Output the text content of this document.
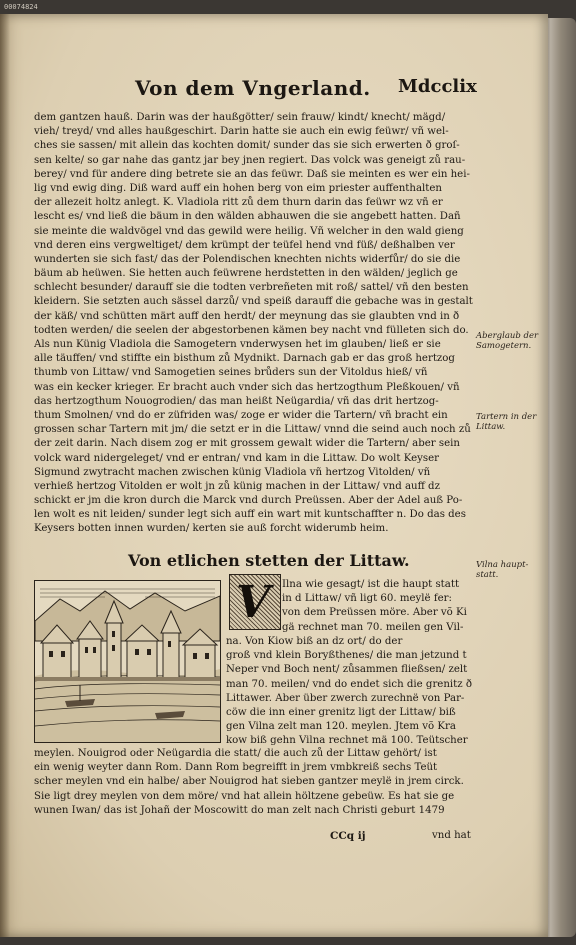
00074824
Von dem Vngerland. Mdcclix
dem gantzen hauß. Darin was der haußgötter/ sein frauw/ kindt/ knecht/ mägd/
vieh/ treyd/ vnd alles haußgeschirt. Darin hatte sie auch ein ewig feüwr/ vñ wel-
ches sie sassen/ mit allein das kochten domit/ sunder das sie sich erwerten ð groſ-
sen kelte/ so gar nahe das gantz jar bey jnen regiert. Das volck was geneigt zů rau-
berey/ vnd für andere ding betrete sie an das feüwr. Daß sie meinten es wer ein hei-
lig vnd ewig ding. Diß ward auff ein hohen berg von eim priester auffenthalten
der allezeit holtz anlegt. K. Vladiola ritt zů dem thurn darin das feüwr wz vñ er
lescht es/ vnd ließ die bäum in den wälden abhauwen die sie angebett hatten. Dañ
sie meinte die waldvögel vnd das gewild were heilig. Vñ welcher in den wald gieng
vnd deren eins vergweltiget/ dem krümpt der teüfel hend vnd füß/ deßhalben ver
wunderten sie sich fast/ das der Polendischen knechten nichts widerfůr/ do sie die
bäum ab heüwen. Sie hetten auch feüwrene herdstetten in den wälden/ jeglich ge
schlecht besunder/ darauff sie die todten verbreñeten mit roß/ sattel/ vñ den besten
kleidern. Sie setzten auch sässel darzů/ vnd speiß darauff die gebache was in gestalt
der käß/ vnd schütten märt auff den herdt/ der meynung das sie glaubten vnd in ð
todten werden/ die seelen der abgestorbenen kämen bey nacht vnd fülleten sich do.
Als nun Künig Vladiola die Samogetern vnderwysen het im glauben/ ließ er sie
alle täuffen/ vnd stiffte ein bisthum zů Mydnikt. Darnach gab er das groß hertzog
thumb von Littaw/ vnd Samogetien seines brůders sun der Vitoldus hieß/ vñ
was ein kecker krieger. Er bracht auch vnder sich das hertzogthum Pleßkouen/ vñ
das hertzogthum Nouogrodien/ das man heißt Neügardia/ vñ das drit hertzog-
thum Smolnen/ vnd do er züfriden was/ zoge er wider die Tartern/ vñ bracht ein
grossen schar Tartern mit jm/ die setzt er in die Littaw/ vnnd die seind auch noch zů
der zeit darin. Nach disem zog er mit grossem gewalt wider die Tartern/ aber sein
volck ward nidergeleget/ vnd er entran/ vnd kam in die Littaw. Do wolt Keyser
Sigmund zwytracht machen zwischen künig Vladiola vñ hertzog Vitolden/ vñ
verhieß hertzog Vitolden er wolt jn zů künig machen in der Littaw/ vnd auff dz
schickt er jm die kron durch die Marck vnd durch Preüssen. Aber der Adel auß Po-
len wolt es nit leiden/ sunder legt sich auff ein wart mit kuntschaffter n. Do das des
Keysers botten innen wurden/ kerten sie auß forcht widerumb heim.
Aberglaub der Samogetern.
Tartern in der Littaw.
Von etlichen stetten der Littaw.	Vilna haupt-statt.
V Ilna wie gesagt/ ist die haupt statt
in d Littaw/ vñ ligt 60. meylë fer:
von dem Preüssen möre. Aber võ Ki
gä rechnet man 70. meilen gen Vil-
na. Von Kiow biß an dz ort/ do der
groß vnd klein Boryßthenes/ die man jetzund t
Neper vnd Boch nent/ zůsammen fließsen/ zelt
man 70. meilen/ vnd do endet sich die grenitz ð
Littawer. Aber über zwerch zurechnë von Par-
cöw die inn einer grenitz ligt der Littaw/ biß
gen Vilna zelt man 120. meylen. Jtem võ Kra
kow biß gehn Vilna rechnet mä 100. Teütscher
meylen. Nouigrod oder Neügardia die statt/ die auch zů der Littaw gehört/ ist
ein wenig weyter dann Rom. Dann Rom begreifft in jrem vmbkreiß sechs Teüt
scher meylen vnd ein halbe/ aber Nouigrod hat sieben gantzer meylë in jrem circk.
Sie ligt drey meylen von dem möre/ vnd hat allein höltzene gebeüw. Es hat sie ge
wunen Iwan/ das ist Johañ der Moscowitt do man zelt nach Christi geburt 1479
CCq ij	vnd hat
